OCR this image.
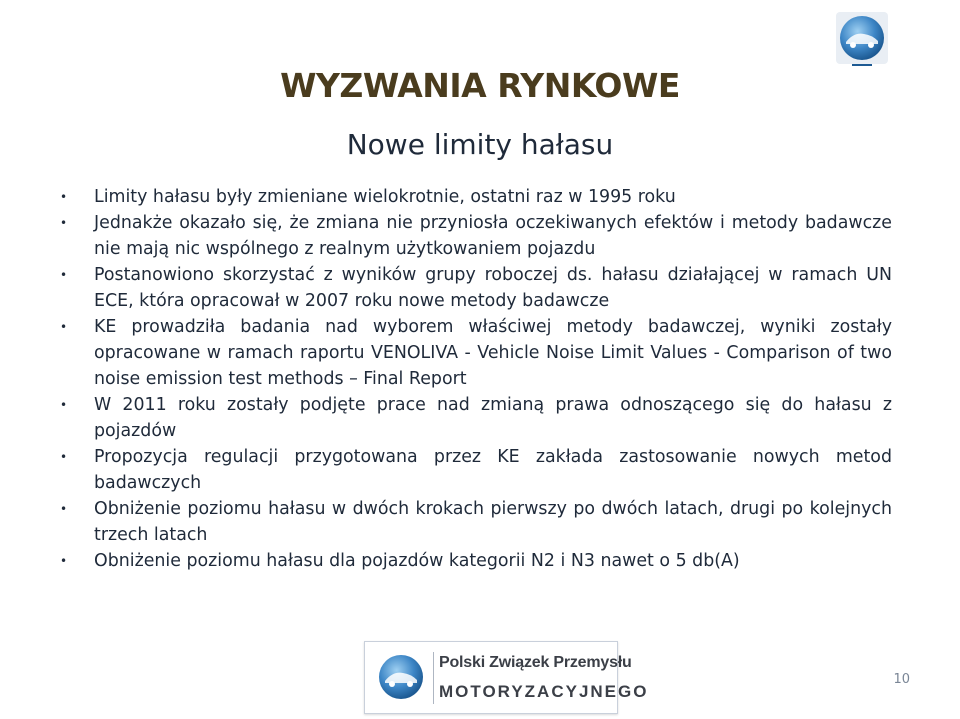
WYZWANIA RYNKOWE
Nowe limity hałasu
• Limity hałasu były zmieniane wielokrotnie, ostatni raz w 1995 roku
• Jednakże okazało się, że zmiana nie przyniosła oczekiwanych efektów i metody badawcze nie mają nic wspólnego z realnym użytkowaniem pojazdu
• Postanowiono skorzystać z wyników grupy roboczej ds. hałasu działającej w ramach UN ECE, która opracował w 2007 roku nowe metody badawcze
• KE prowadziła badania nad wyborem właściwej metody badawczej, wyniki zostały opracowane w ramach raportu VENOLIVA - Vehicle Noise Limit Values - Comparison of two noise emission test methods – Final Report
• W 2011 roku zostały podjęte prace nad zmianą prawa odnoszącego się do hałasu z pojazdów
• Propozycja regulacji przygotowana przez KE zakłada zastosowanie nowych metod badawczych
• Obniżenie poziomu hałasu w dwóch krokach pierwszy po dwóch latach, drugi po kolejnych trzech latach
• Obniżenie poziomu hałasu dla pojazdów kategorii N2 i N3 nawet o 5 db(A)
Polski Związek Przemysłu
MOTORYZACYJNEGO
10
